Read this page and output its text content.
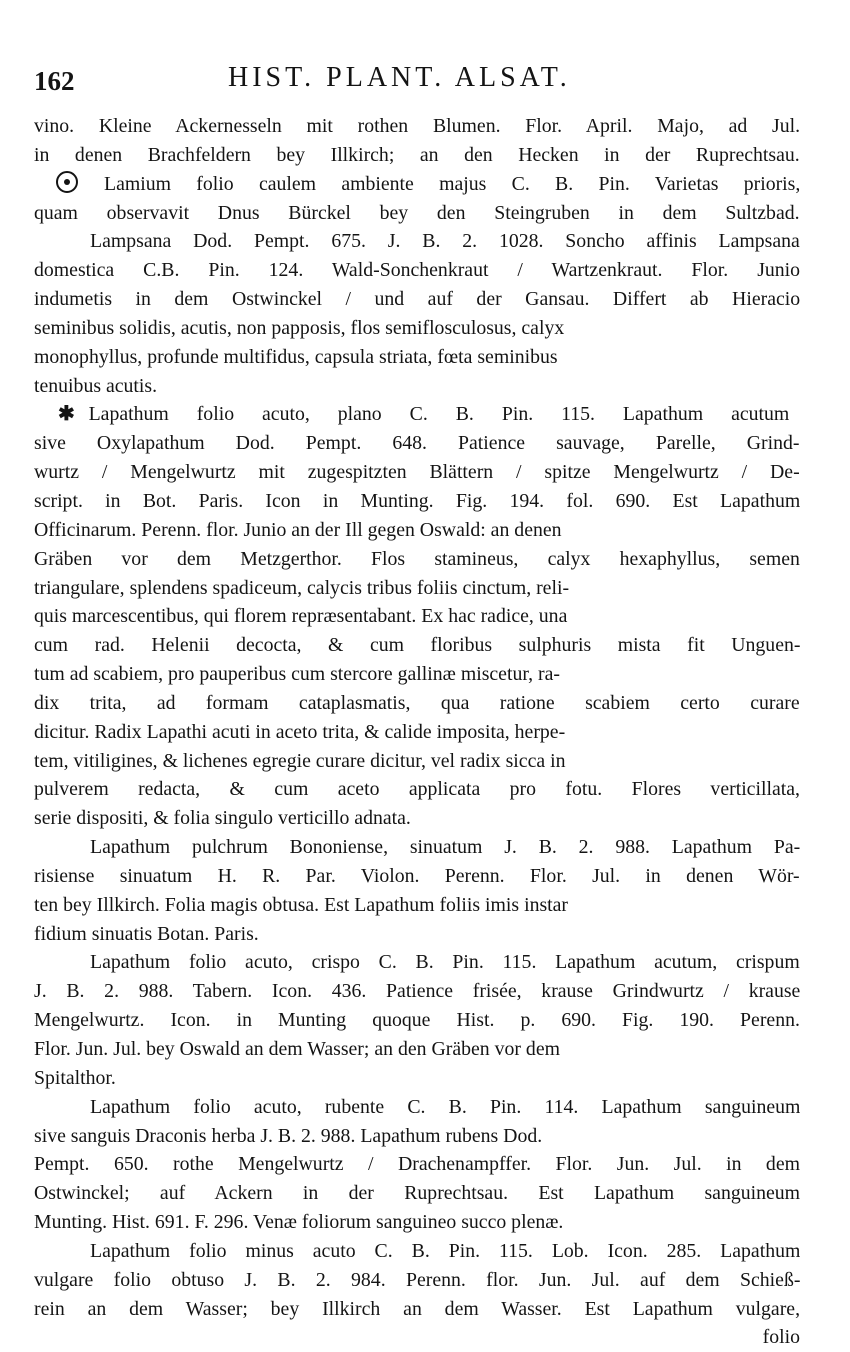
162	HIST. PLANT. ALSAT.
vino. Kleine Ackernesseln mit rothen Blumen. Flor. April. Majo, ad Jul.
in denen Brachfeldern bey Illkirch; an den Hecken in der Ruprechtsau.
Lamium folio caulem ambiente majus C. B. Pin. Varietas prioris,
quam observavit Dnus Bürckel bey den Steingruben in dem Sultzbad.
Lampsana Dod. Pempt. 675. J. B. 2. 1028. Soncho affinis Lampsana
domestica C.B. Pin. 124. Wald-Sonchenkraut / Wartzenkraut. Flor. Junio
indumetis in dem Ostwinckel / und auf der Gansau. Differt ab Hieracio
seminibus solidis, acutis, non papposis, flos semiflosculosus, calyx
monophyllus, profunde multifidus, capsula striata, fœta seminibus
tenuibus acutis.
✱ Lapathum folio acuto, plano C. B. Pin. 115. Lapathum acutum
sive Oxylapathum Dod. Pempt. 648. Patience sauvage, Parelle, Grind-
wurtz / Mengelwurtz mit zugespitzten Blättern / spitze Mengelwurtz / De-
script. in Bot. Paris. Icon in Munting. Fig. 194. fol. 690. Est Lapathum
Officinarum. Perenn. flor. Junio an der Ill gegen Oswald: an denen
Gräben vor dem Metzgerthor. Flos stamineus, calyx hexaphyllus, semen
triangulare, splendens spadiceum, calycis tribus foliis cinctum, reli-
quis marcescentibus, qui florem repræsentabant. Ex hac radice, una
cum rad. Helenii decocta, & cum floribus sulphuris mista fit Unguen-
tum ad scabiem, pro pauperibus cum stercore gallinæ miscetur, ra-
dix trita, ad formam cataplasmatis, qua ratione scabiem certo curare
dicitur. Radix Lapathi acuti in aceto trita, & calide imposita, herpe-
tem, vitiligines, & lichenes egregie curare dicitur, vel radix sicca in
pulverem redacta, & cum aceto applicata pro fotu. Flores verticillata,
serie dispositi, & folia singulo verticillo adnata.
Lapathum pulchrum Bononiense, sinuatum J. B. 2. 988. Lapathum Pa-
risiense sinuatum H. R. Par. Violon. Perenn. Flor. Jul. in denen Wör-
ten bey Illkirch. Folia magis obtusa. Est Lapathum foliis imis instar
fidium sinuatis Botan. Paris.
Lapathum folio acuto, crispo C. B. Pin. 115. Lapathum acutum, crispum
J. B. 2. 988. Tabern. Icon. 436. Patience frisée, krause Grindwurtz / krause
Mengelwurtz. Icon. in Munting quoque Hist. p. 690. Fig. 190. Perenn.
Flor. Jun. Jul. bey Oswald an dem Wasser; an den Gräben vor dem
Spitalthor.
Lapathum folio acuto, rubente C. B. Pin. 114. Lapathum sanguineum
sive sanguis Draconis herba J. B. 2. 988. Lapathum rubens Dod.
Pempt. 650. rothe Mengelwurtz / Drachenampffer. Flor. Jun. Jul. in dem
Ostwinckel; auf Ackern in der Ruprechtsau. Est Lapathum sanguineum
Munting. Hist. 691. F. 296. Venæ foliorum sanguineo succo plenæ.
Lapathum folio minus acuto C. B. Pin. 115. Lob. Icon. 285. Lapathum
vulgare folio obtuso J. B. 2. 984. Perenn. flor. Jun. Jul. auf dem Schieß-
rein an dem Wasser; bey Illkirch an dem Wasser. Est Lapathum vulgare,
folio
